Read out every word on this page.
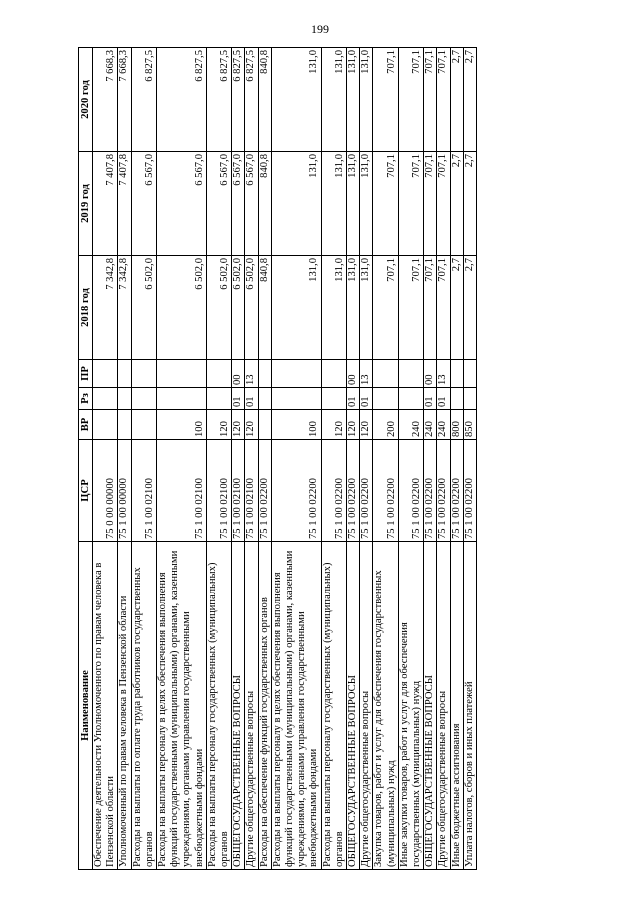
199
Наименование	ЦСР	ВР	Рз	ПР	2018 год	2019 год	2020 год
Обеспечение деятельности Уполномоченного по правам человека в Пензенской области	75 0 00 00000				7 342,8	7 407,8	7 668,3
Уполномоченный по правам человека в Пензенской области	75 1 00 00000				7 342,8	7 407,8	7 668,3
Расходы на выплаты по оплате труда работников государственных органов	75 1 00 02100				6 502,0	6 567,0	6 827,5
Расходы на выплаты персоналу в целях обеспечения выполнения функций государственными (муниципальными) органами, казенными учреждениями, органами управления государственными внебюджетными фондами	75 1 00 02100	100			6 502,0	6 567,0	6 827,5
Расходы на выплаты персоналу государственных (муниципальных) органов	75 1 00 02100	120			6 502,0	6 567,0	6 827,5
ОБЩЕГОСУДАРСТВЕННЫЕ ВОПРОСЫ	75 1 00 02100	120	01	00	6 502,0	6 567,0	6 827,5
Другие общегосударственные вопросы	75 1 00 02100	120	01	13	6 502,0	6 567,0	6 827,5
Расходы на обеспечение функций государственных органов	75 1 00 02200				840,8	840,8	840,8
Расходы на выплаты персоналу в целях обеспечения выполнения функций государственными (муниципальными) органами, казенными учреждениями, органами управления государственными внебюджетными фондами	75 1 00 02200	100			131,0	131,0	131,0
Расходы на выплаты персоналу государственных (муниципальных) органов	75 1 00 02200	120			131,0	131,0	131,0
ОБЩЕГОСУДАРСТВЕННЫЕ ВОПРОСЫ	75 1 00 02200	120	01	00	131,0	131,0	131,0
Другие общегосударственные вопросы	75 1 00 02200	120	01	13	131,0	131,0	131,0
Закупка товаров, работ и услуг для обеспечения государственных (муниципальных) нужд	75 1 00 02200	200			707,1	707,1	707,1
Иные закупки товаров, работ и услуг для обеспечения государственных (муниципальных) нужд	75 1 00 02200	240			707,1	707,1	707,1
ОБЩЕГОСУДАРСТВЕННЫЕ ВОПРОСЫ	75 1 00 02200	240	01	00	707,1	707,1	707,1
Другие общегосударственные вопросы	75 1 00 02200	240	01	13	707,1	707,1	707,1
Иные бюджетные ассигнования	75 1 00 02200	800			2,7	2,7	2,7
Уплата налогов, сборов и иных платежей	75 1 00 02200	850			2,7	2,7	2,7
